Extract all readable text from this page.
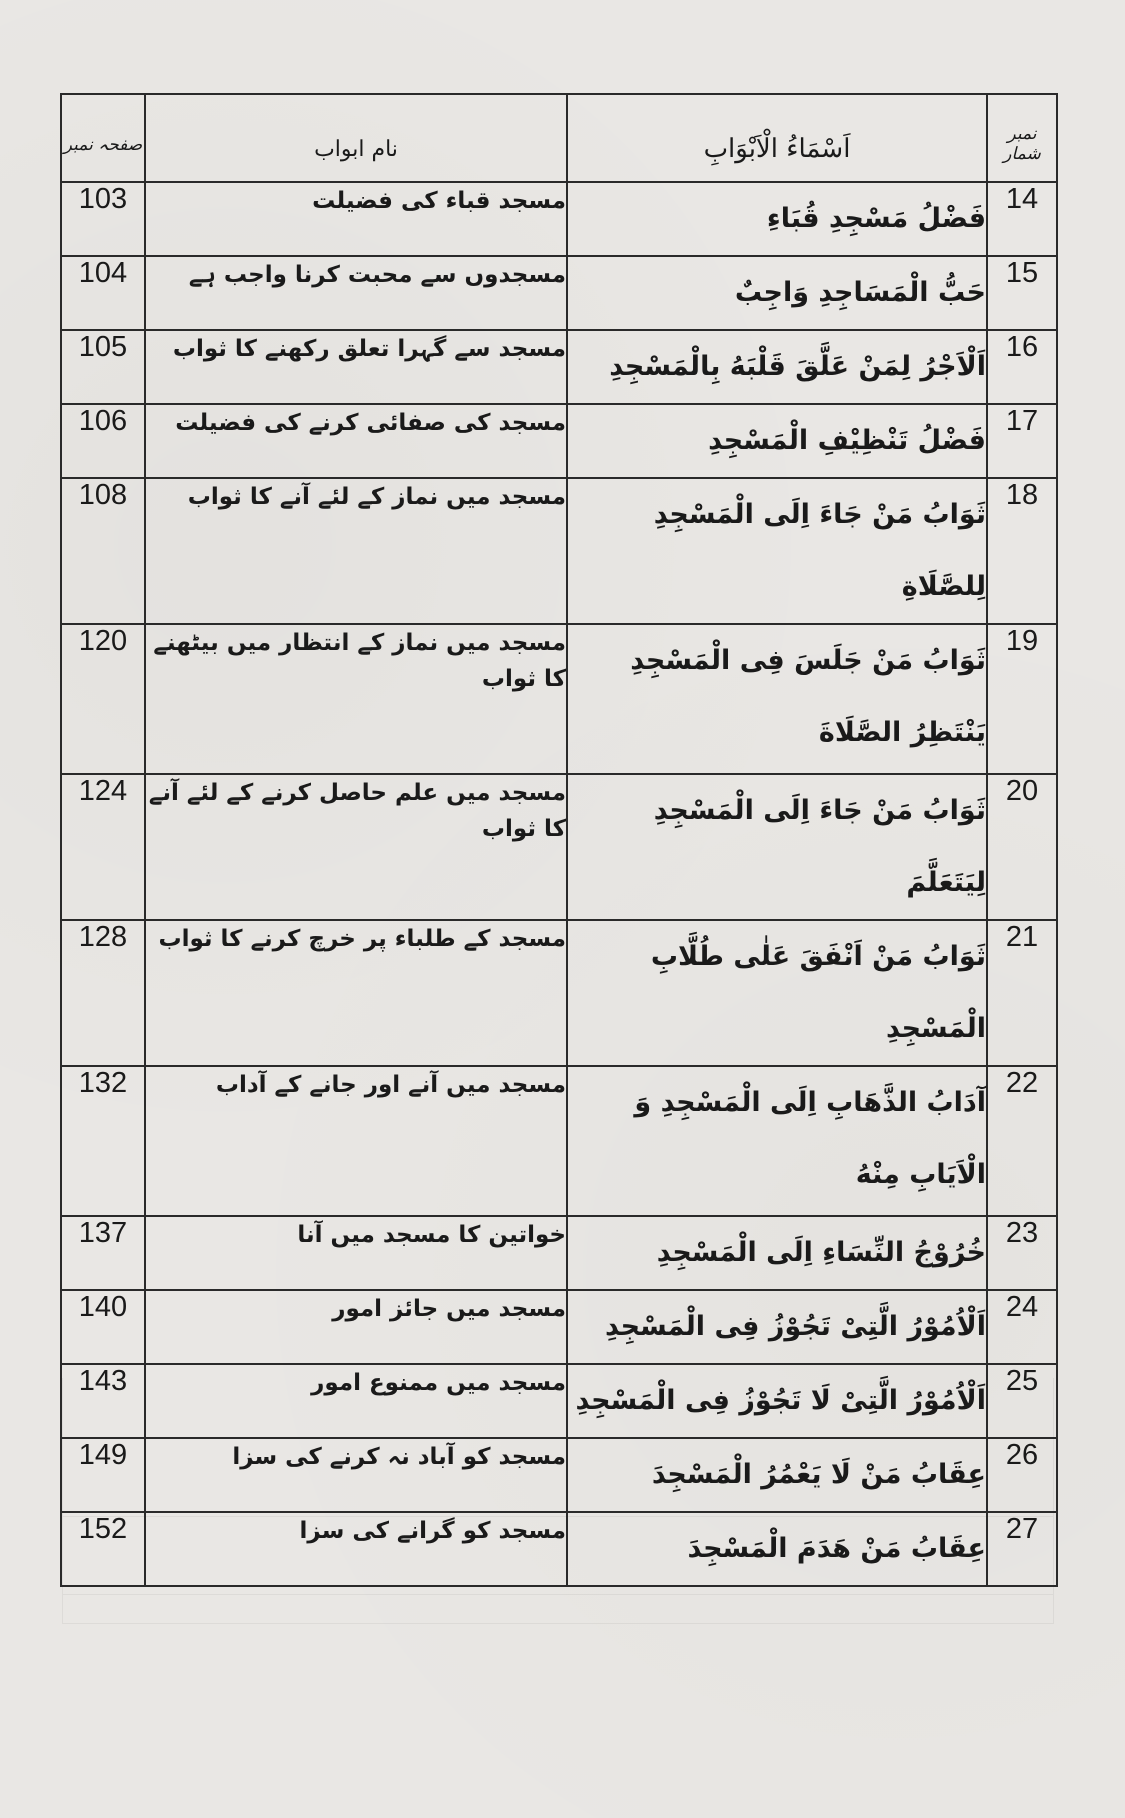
نمبر شمار	اَسْمَاءُ الْاَبْوَابِ	نام ابواب	صفحہ نمبر

14	فَضْلُ مَسْجِدِ قُبَاءِ	مسجد قباء کی فضیلت	103
15	حَبُّ الْمَسَاجِدِ وَاجِبٌ	مسجدوں سے محبت کرنا واجب ہے	104
16	اَلْاَجْرُ لِمَنْ عَلَّقَ قَلْبَهُ بِالْمَسْجِدِ	مسجد سے گہرا تعلق رکھنے کا ثواب	105
17	فَضْلُ تَنْظِيْفِ الْمَسْجِدِ	مسجد کی صفائی کرنے کی فضیلت	106
18	ثَوَابُ مَنْ جَاءَ اِلَى الْمَسْجِدِ لِلصَّلَاةِ	مسجد میں نماز کے لئے آنے کا ثواب	108
19	ثَوَابُ مَنْ جَلَسَ فِى الْمَسْجِدِ يَنْتَظِرُ الصَّلَاةَ	مسجد میں نماز کے انتظار میں بیٹھنے کا ثواب	120
20	ثَوَابُ مَنْ جَاءَ اِلَى الْمَسْجِدِ لِيَتَعَلَّمَ	مسجد میں علم حاصل کرنے کے لئے آنے کا ثواب	124
21	ثَوَابُ مَنْ اَنْفَقَ عَلٰى طُلَّابِ الْمَسْجِدِ	مسجد کے طلباء پر خرچ کرنے کا ثواب	128
22	آدَابُ الذَّهَابِ اِلَى الْمَسْجِدِ وَ الْاَيَابِ مِنْهُ	مسجد میں آنے اور جانے کے آداب	132
23	خُرُوْجُ النِّسَاءِ اِلَى الْمَسْجِدِ	خواتین کا مسجد میں آنا	137
24	اَلْاُمُوْرُ الَّتِىْ تَجُوْزُ فِى الْمَسْجِدِ	مسجد میں جائز امور	140
25	اَلْاُمُوْرُ الَّتِىْ لَا تَجُوْزُ فِى الْمَسْجِدِ	مسجد میں ممنوع امور	143
26	عِقَابُ مَنْ لَا يَعْمُرُ الْمَسْجِدَ	مسجد کو آباد نہ کرنے کی سزا	149
27	عِقَابُ مَنْ هَدَمَ الْمَسْجِدَ	مسجد کو گرانے کی سزا	152
